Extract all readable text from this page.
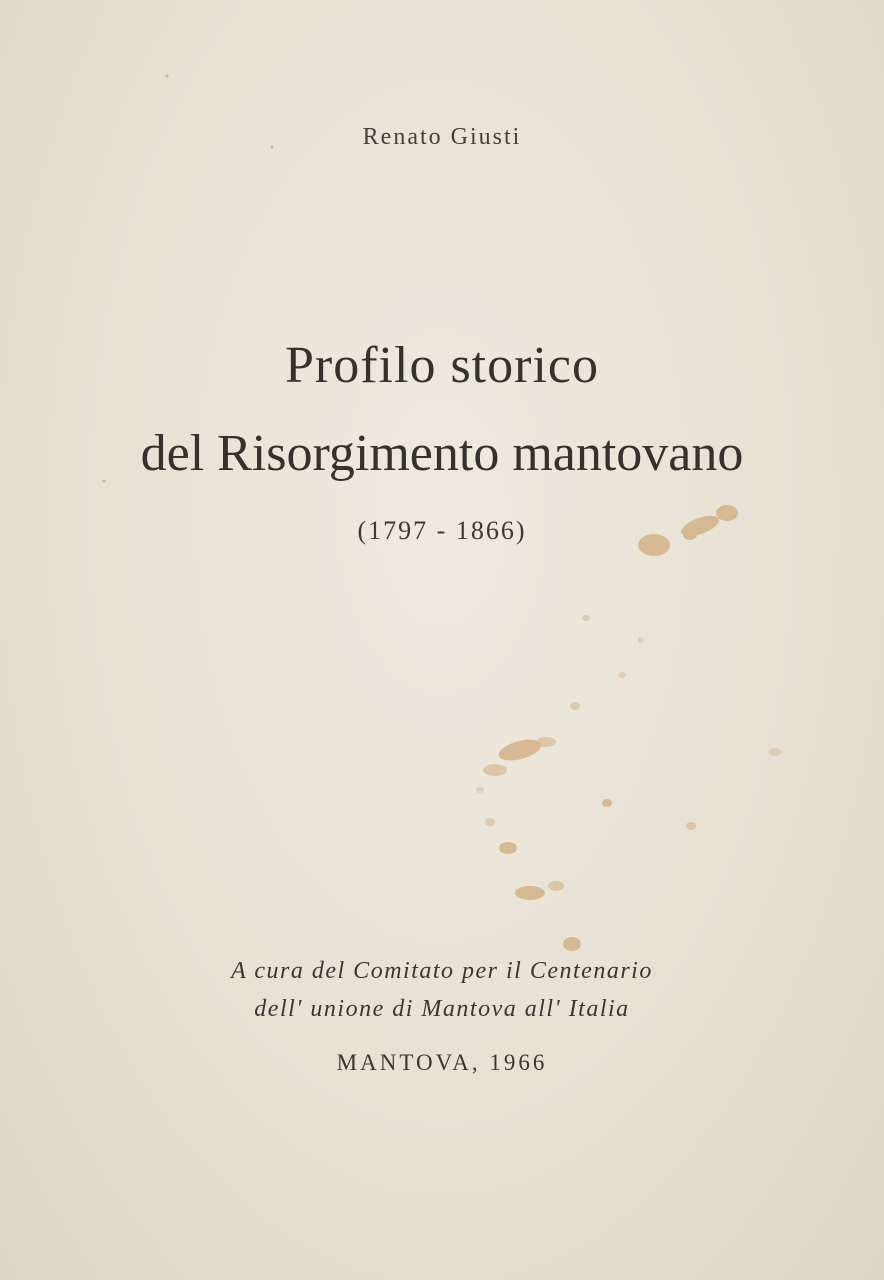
Renato Giusti
Profilo storico
del Risorgimento mantovano
(1797 - 1866)
A cura del Comitato per il Centenario
dell' unione di Mantova all' Italia
MANTOVA, 1966
